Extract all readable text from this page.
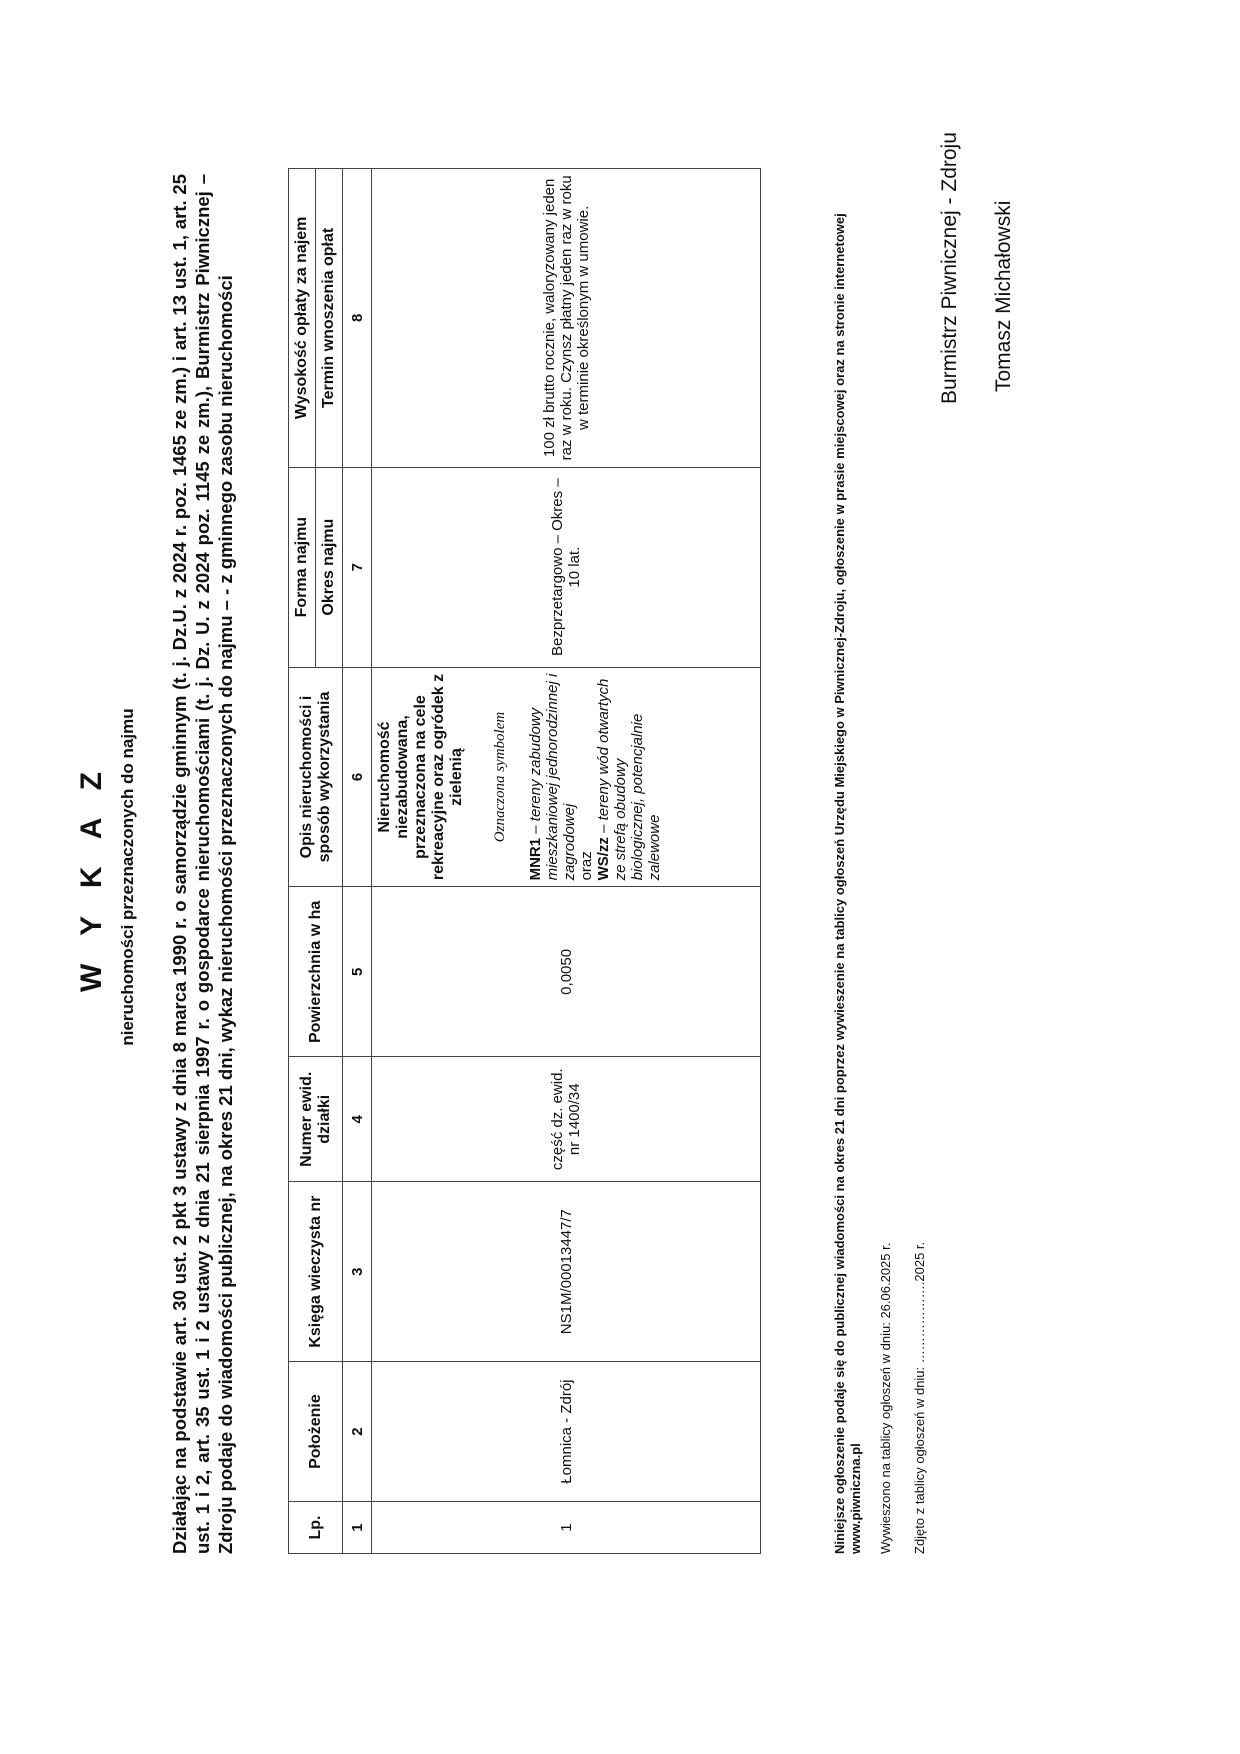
W Y K A Z nieruchomości przeznaczonych do najmu Działając na podstawie art. 30 ust. 2 pkt 3 ustawy z dnia 8 marca 1990 r. o samorządzie gminnym (t. j. Dz.U. z 2024 r. poz. 1465 ze zm.) i art. 13 ust. 1, art. 25 ust. 1 i 2, art. 35 ust. 1 i 2 ustawy z dnia 21 sierpnia 1997 r. o gospodarce nieruchomościami (t. j. Dz. U. z 2024 poz. 1145 ze zm.), Burmistrz Piwnicznej – Zdroju podaje do wiadomości publicznej, na okres 21 dni, wykaz nieruchomości przeznaczonych do najmu – - z gminnego zasobu nieruchomości	Lp.	Położenie	Księga wieczysta nr	Numer ewid. działki	Powierzchnia w ha	Opis nieruchomości i sposób wykorzystania	Forma najmu	Wysokość opłaty za najem
						Okres najmu	Termin wnoszenia opłat
1	2	3	4	5	6	7	8
1	Łomnica - Zdrój	NS1M/00013447/7	część dz. ewid. nr 1400/34	0,0050	Nieruchomość niezabudowana, przeznaczona na cele rekreacyjne oraz ogródek z zielenią Oznaczona symbolem
MNR1 – tereny zabudowy mieszkaniowej jednorodzinnej i zagrodowej
oraz
WS/zz – tereny wód otwartych ze strefą obudowy biologicznej, potencjalnie zalewowe	Bezprzetargowo – Okres – 10 lat.	100 zł brutto rocznie, waloryzowany jeden raz w roku. Czynsz płatny jeden raz w roku w terminie określonym w umowie.	Niniejsze ogłoszenie podaje się do publicznej wiadomości na okres 21 dni poprzez wywieszenie na tablicy ogłoszeń Urzędu Miejskiego w Piwnicznej-Zdroju, ogłoszenie w prasie miejscowej oraz na stronie internetowej www.piwniczna.pl Wywieszono na tablicy ogłoszeń w dniu: 26.06.2025 r. Zdjęto z tablicy ogłoszeń w dniu: ……………….2025 r.
Burmistrz Piwnicznej - Zdroju Tomasz Michałowski
